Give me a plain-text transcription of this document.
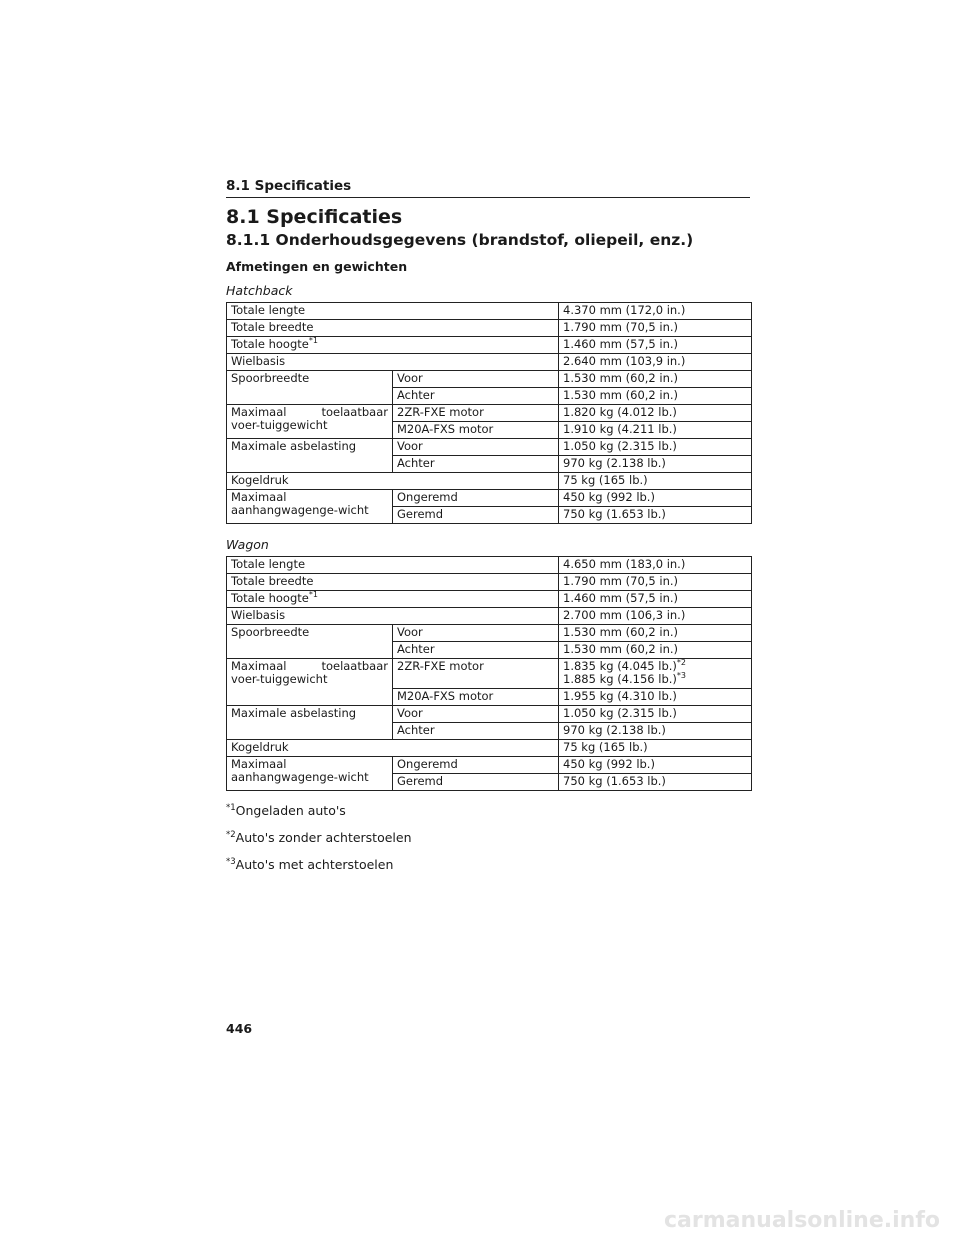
8.1 Specificaties
8.1 Specificaties
8.1.1 Onderhoudsgegevens (brandstof, oliepeil, enz.)
Afmetingen en gewichten

Hatchback

Totale lengte		4.370 mm (172,0 in.)
Totale breedte		1.790 mm (70,5 in.)
Totale hoogte$^{*1}$		1.460 mm (57,5 in.)
Wielbasis		2.640 mm (103,9 in.)
Spoorbreedte	Voor	1.530 mm (60,2 in.)
	Achter	1.530 mm (60,2 in.)
Maximaal toelaatbaar voer-tuiggewicht	2ZR-FXE motor	1.820 kg (4.012 lb.)
	M20A-FXS motor	1.910 kg (4.211 lb.)
Maximale asbelasting	Voor	1.050 kg (2.315 lb.)
	Achter	970 kg (2.138 lb.)
Kogeldruk		75 kg (165 lb.)
Maximaal aanhangwagenge-wicht	Ongeremd	450 kg (992 lb.)
	Geremd	750 kg (1.653 lb.)

Wagon

Totale lengte		4.650 mm (183,0 in.)
Totale breedte		1.790 mm (70,5 in.)
Totale hoogte$^{*1}$		1.460 mm (57,5 in.)
Wielbasis		2.700 mm (106,3 in.)
Spoorbreedte	Voor	1.530 mm (60,2 in.)
	Achter	1.530 mm (60,2 in.)
Maximaal toelaatbaar voer-tuiggewicht	2ZR-FXE motor	1.835 kg (4.045 lb.)$^{*2}$
1.885 kg (4.156 lb.)$^{*3}$

	M20A-FXS motor	1.955 kg (4.310 lb.)
Maximale asbelasting	Voor	1.050 kg (2.315 lb.)
	Achter	970 kg (2.138 lb.)
Kogeldruk		75 kg (165 lb.)
Maximaal aanhangwagenge-wicht	Ongeremd	450 kg (992 lb.)
	Geremd	750 kg (1.653 lb.)

$^{*1}$Ongeladen auto's

$^{*2}$Auto's zonder achterstoelen

$^{*3}$Auto's met achterstoelen

446
carmanualsonline.info
